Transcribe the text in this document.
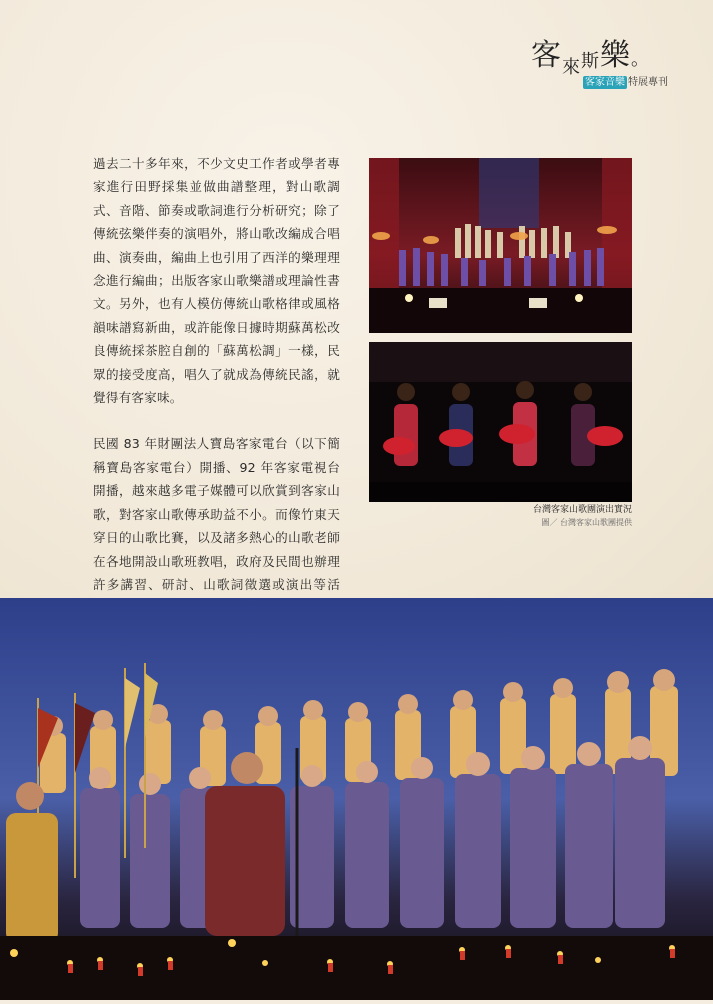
客$_來$斯樂。
客家音樂 特展專刊

過去二十多年來，不少文史工作者或學者專家進行田野採集並做曲譜整理，對山歌調式、音階、節奏或歌詞進行分析研究；除了傳統弦樂伴奏的演唱外，將山歌改編成合唱曲、演奏曲，編曲上也引用了西洋的樂理理念進行編曲；出版客家山歌樂譜或理論性書文。另外，也有人模仿傳統山歌格律或風格韻味譜寫新曲，或許能像日據時期蘇萬松改良傳統採茶腔自創的「蘇萬松調」一樣，民眾的接受度高，唱久了就成為傳統民謠，就覺得有客家味。

民國 83 年財團法人寶島客家電台（以下簡稱寶島客家電台）開播、92 年客家電視台開播，越來越多電子媒體可以欣賞到客家山歌，對客家山歌傳承助益不小。而像竹東天穿日的山歌比賽，以及諸多熱心的山歌老師在各地開設山歌班教唱，政府及民間也辦理許多講習、研討、山歌詞徵選或演出等活

台灣客家山歌團演出實況
圖／ 台灣客家山歌團提供
